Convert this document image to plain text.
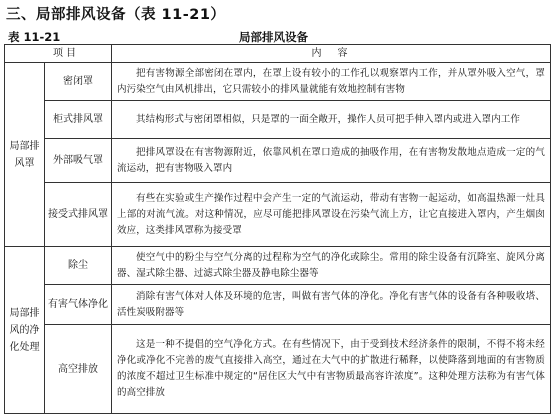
三、局部排风设备（表 11-21）
表 11-21	局部排风设备
项目		内　容
局部排风罩	密闭罩	把有害物源全部密闭在罩内，在罩上设有较小的工作孔以观察罩内工作，并从罩外吸入空气，罩内污染空气由风机排出，它只需较小的排风量就能有效地控制有害物
	柜式排风罩	其结构形式与密闭罩相似，只是罩的一面全敞开，操作人员可把手伸入罩内或进入罩内工作
	外部吸气罩	把排风罩设在有害物源附近，依靠风机在罩口造成的抽吸作用，在有害物发散地点造成一定的气流运动，把有害物吸入罩内
	接受式排风罩	有些在实验或生产操作过程中会产生一定的气流运动，带动有害物一起运动，如高温热源一灶具上部的对流气流。对这种情况，应尽可能把排风罩设在污染气流上方，让它直接进入罩内，产生烟囱效应，这类排风罩称为接受罩
局部排风的净化处理	除尘	使空气中的粉尘与空气分离的过程称为空气的净化或除尘。常用的除尘设备有沉降室、旋风分离器、湿式除尘器、过滤式除尘器及静电除尘器等
	有害气体净化	消除有害气体对人体及环境的危害，叫做有害气体的净化。净化有害气体的设备有各种吸收塔、活性炭吸附器等
	高空排放	这是一种不提倡的空气净化方式。在有些情况下，由于受到技术经济条件的限制，不得不将未经净化或净化不完善的废气直接排入高空，通过在大气中的扩散进行稀释，以使降落到地面的有害物质的浓度不超过卫生标准中规定的“居住区大气中有害物质最高容许浓度”。这种处理方法称为有害气体的高空排放
